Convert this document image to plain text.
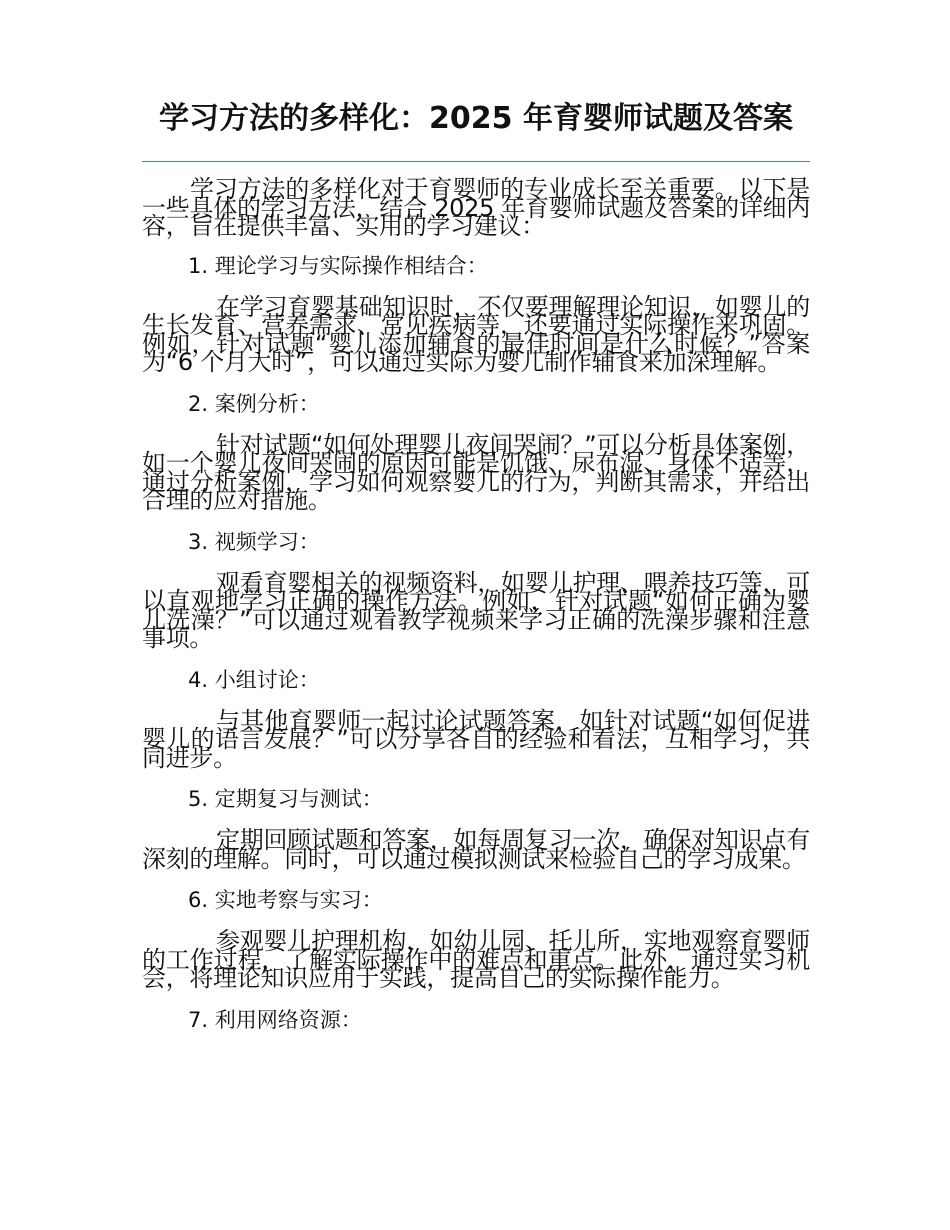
学习方法的多样化：2025 年育婴师试题及答案

学习方法的多样化对于育婴师的专业成长至关重要。以下是一些具体的学习方法，结合 2025 年育婴师试题及答案的详细内容，旨在提供丰富、实用的学习建议：

1. 理论学习与实际操作相结合：

在学习育婴基础知识时，不仅要理解理论知识，如婴儿的生长发育、营养需求、常见疾病等，还要通过实际操作来巩固。例如，针对试题“婴儿添加辅食的最佳时间是什么时候？”答案为“6 个月大时”，可以通过实际为婴儿制作辅食来加深理解。

2. 案例分析：

针对试题“如何处理婴儿夜间哭闹？”可以分析具体案例，如一个婴儿夜间哭闹的原因可能是饥饿、尿布湿、身体不适等，通过分析案例，学习如何观察婴儿的行为，判断其需求，并给出合理的应对措施。

3. 视频学习：

观看育婴相关的视频资料，如婴儿护理、喂养技巧等，可以直观地学习正确的操作方法。例如，针对试题“如何正确为婴儿洗澡？”可以通过观看教学视频来学习正确的洗澡步骤和注意事项。

4. 小组讨论：

与其他育婴师一起讨论试题答案，如针对试题“如何促进婴儿的语言发展？”可以分享各自的经验和看法，互相学习，共同进步。

5. 定期复习与测试：

定期回顾试题和答案，如每周复习一次，确保对知识点有深刻的理解。同时，可以通过模拟测试来检验自己的学习成果。

6. 实地考察与实习：

参观婴儿护理机构，如幼儿园、托儿所，实地观察育婴师的工作过程，了解实际操作中的难点和重点。此外，通过实习机会，将理论知识应用于实践，提高自己的实际操作能力。

7. 利用网络资源：
